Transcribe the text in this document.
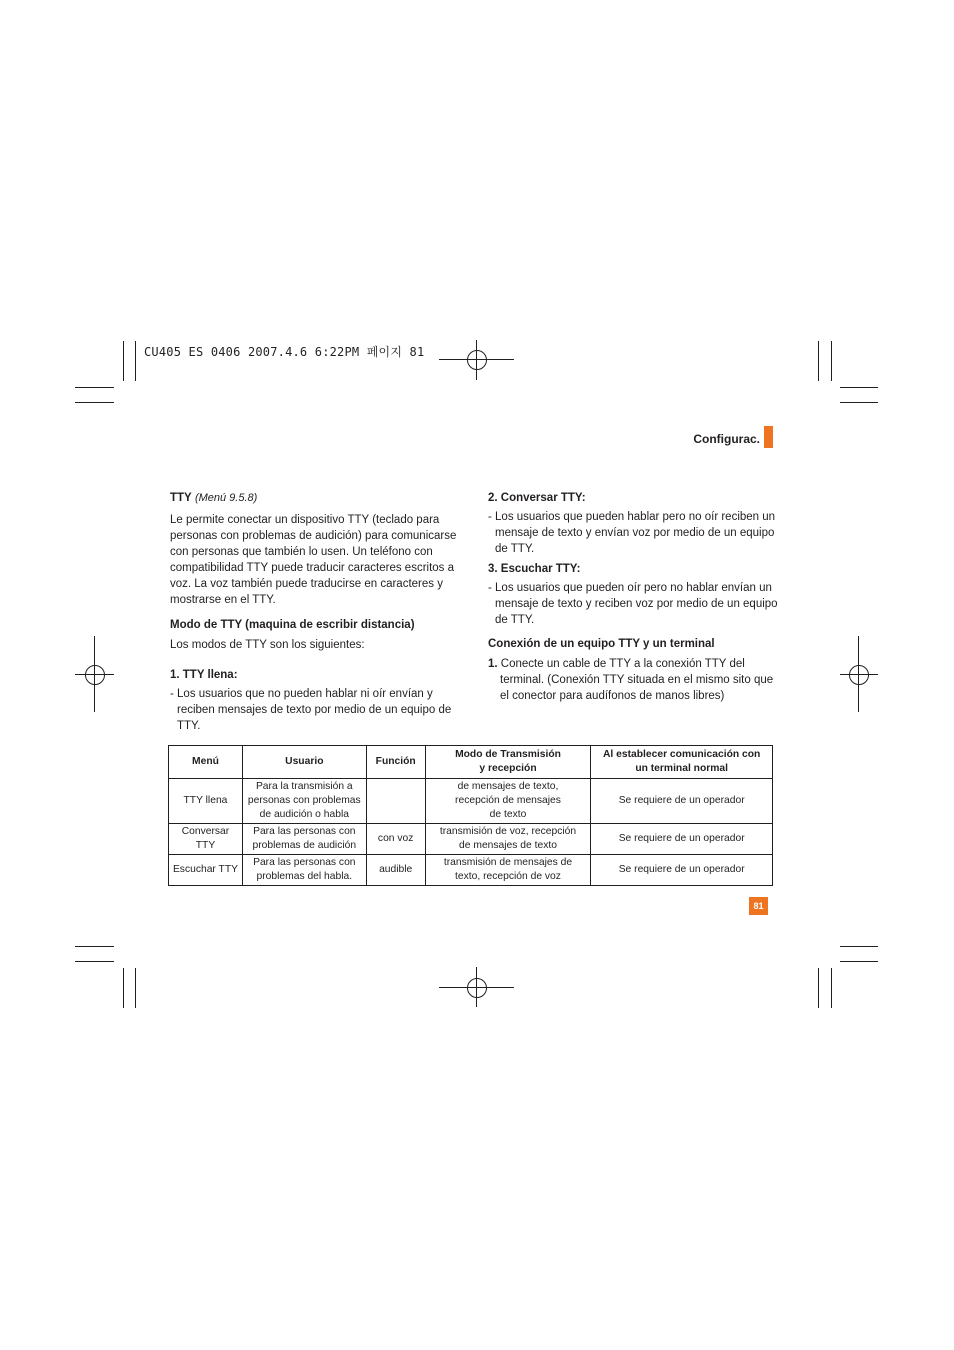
CU405 ES 0406 2007.4.6 6:22PM 페이지 81
Configurac.

TTY (Menú 9.5.8)

Le permite conectar un dispositivo TTY (teclado para personas con problemas de audición) para comunicarse con personas que también lo usen. Un teléfono con compatibilidad TTY puede traducir caracteres escritos a voz. La voz también puede traducirse en caracteres y mostrarse en el TTY.

Modo de TTY (maquina de escribir distancia)

Los modos de TTY son los siguientes:

1. TTY llena:

- Los usuarios que no pueden hablar ni oír envían y reciben mensajes de texto por medio de un equipo de TTY.

2. Conversar TTY:

- Los usuarios que pueden hablar pero no oír reciben un mensaje de texto y envían voz por medio de un equipo de TTY.

3. Escuchar TTY:

- Los usuarios que pueden oír pero no hablar envían un mensaje de texto y reciben voz por medio de un equipo de TTY.

Conexión de un equipo TTY y un terminal

1. Conecte un cable de TTY a la conexión TTY del terminal. (Conexión TTY situada en el mismo sito que el conector para audífonos de manos libres)

Menú	Usuario	Función	Modo de Transmisión
y recepción	Al establecer comunicación con
un terminal normal
TTY llena	Para la transmisión a
personas con problemas
de audición o habla		de mensajes de texto,
recepción de mensajes
de texto	Se requiere de un operador
Conversar TTY	Para las personas con
problemas de audición	con voz	transmisión de voz, recepción
de mensajes de texto	Se requiere de un operador
Escuchar TTY	Para las personas con
problemas del habla.	audible	transmisión de mensajes de
texto, recepción de voz	Se requiere de un operador
81
